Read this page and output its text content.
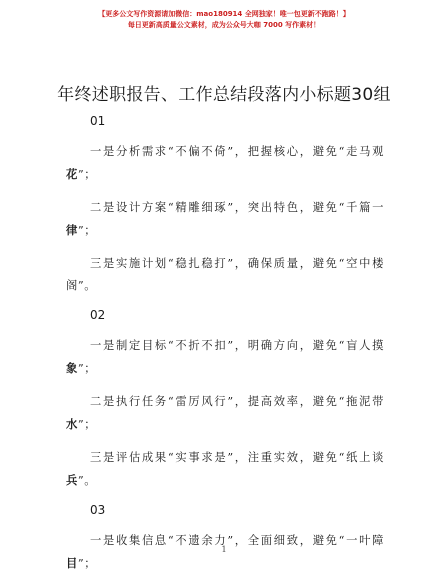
【更多公文写作资源请加微信：mao180914 全网独家！唯一包更新不跑路！】
每日更新高质量公文素材，成为公众号大咖 7000 写作素材！
年终述职报告、工作总结段落内小标题30组
01

一是分析需求“不偏不倚”，把握核心，避免“走马观花”；

二是设计方案“精雕细琢”，突出特色，避免“千篇一律”；

三是实施计划“稳扎稳打”，确保质量，避免“空中楼阁”。

02

一是制定目标“不折不扣”，明确方向，避免“盲人摸象”；

二是执行任务“雷厉风行”，提高效率，避免“拖泥带水”；

三是评估成果“实事求是”，注重实效，避免“纸上谈兵”。

03

一是收集信息“不遗余力”，全面细致，避免“一叶障目”；

1
